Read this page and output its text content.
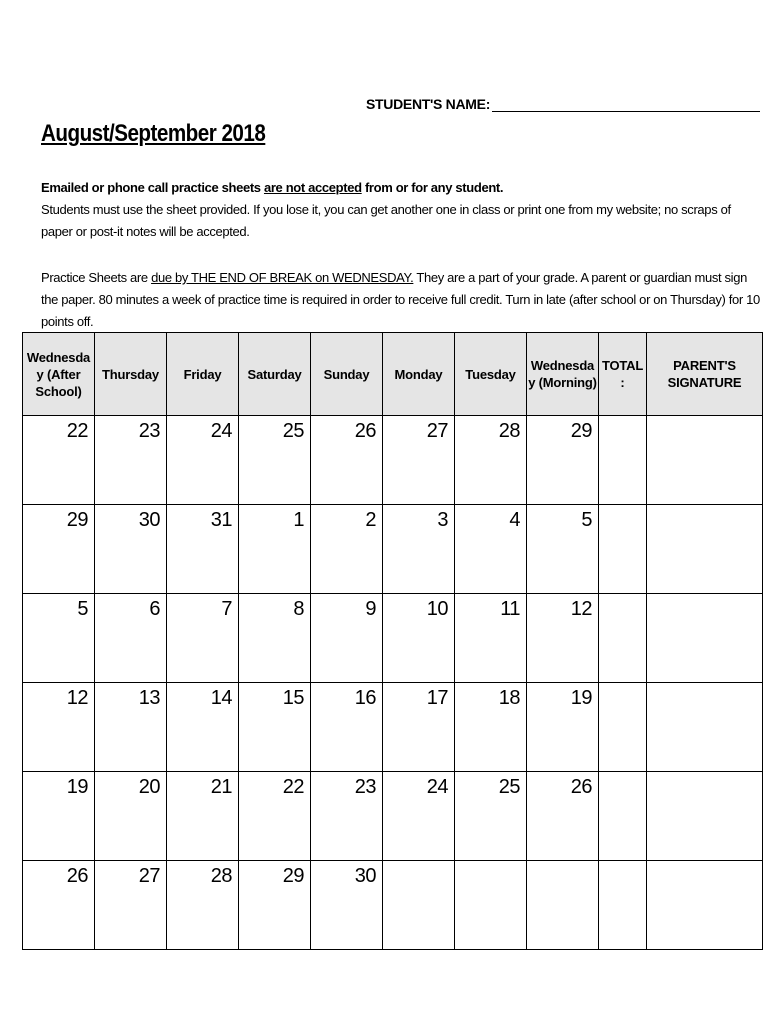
STUDENT'S NAME:
August/September 2018
Emailed or phone call practice sheets are not accepted from or for any student.
Students must use the sheet provided. If you lose it, you can get another one in class or print one from my website; no scraps of paper or post-it notes will be accepted.
Practice Sheets are due by THE END OF BREAK on WEDNESDAY. They are a part of your grade. A parent or guardian must sign the paper. 80 minutes a week of practice time is required in order to receive full credit. Turn in late (after school or on Thursday) for 10 points off.
Wednesda y (After School)	Thursday	Friday	Saturday	Sunday	Monday	Tuesday	Wednesda y (Morning)	TOTAL :	PARENT'S SIGNATURE
22	23	24	25	26	27	28	29		
29	30	31	1	2	3	4	5		
5	6	7	8	9	10	11	12		
12	13	14	15	16	17	18	19		
19	20	21	22	23	24	25	26		
26	27	28	29	30					
